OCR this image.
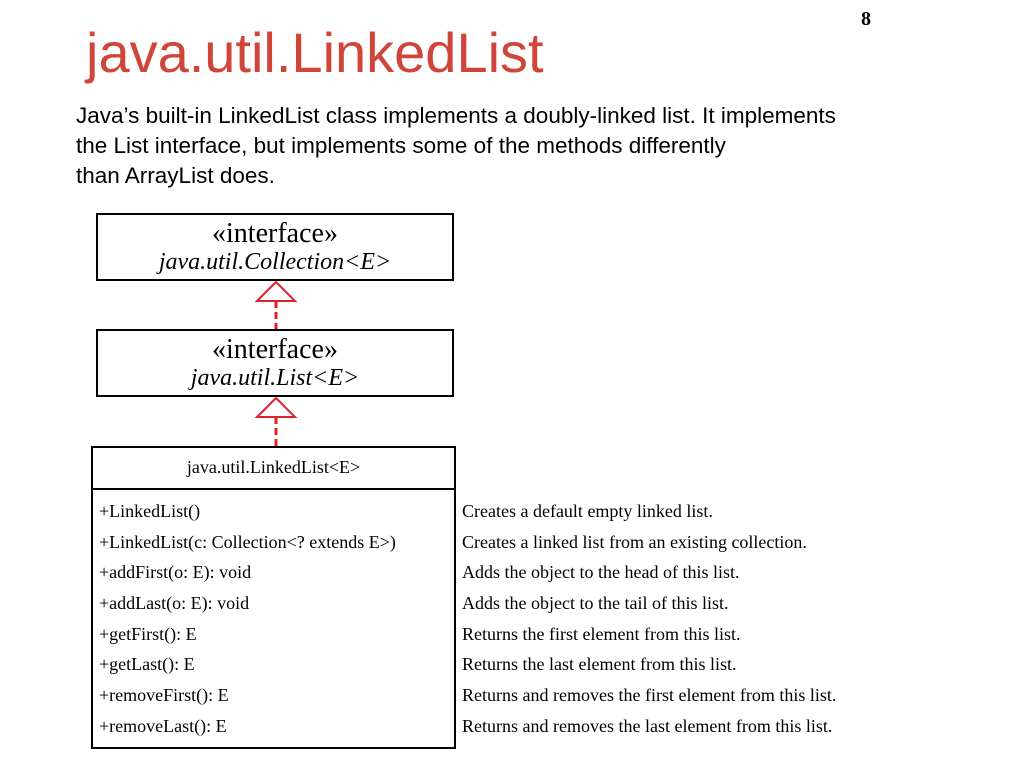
8
java.util.LinkedList
Java’s built-in LinkedList class implements a doubly-linked list. It implements
the List interface, but implements some of the methods differently
than ArrayList does.
«interface»
java.util.Collection<E>
«interface»
java.util.List<E>
java.util.LinkedList<E>
+LinkedList()
+LinkedList(c: Collection<? extends E>)
+addFirst(o: E): void
+addLast(o: E): void
+getFirst(): E
+getLast(): E
+removeFirst(): E
+removeLast(): E
Creates a default empty linked list.
Creates a linked list from an existing collection.
Adds the object to the head of this list.
Adds the object to the tail of this list.
Returns the first element from this list.
Returns the last element from this list.
Returns and removes the first element from this list.
Returns and removes the last element from this list.
